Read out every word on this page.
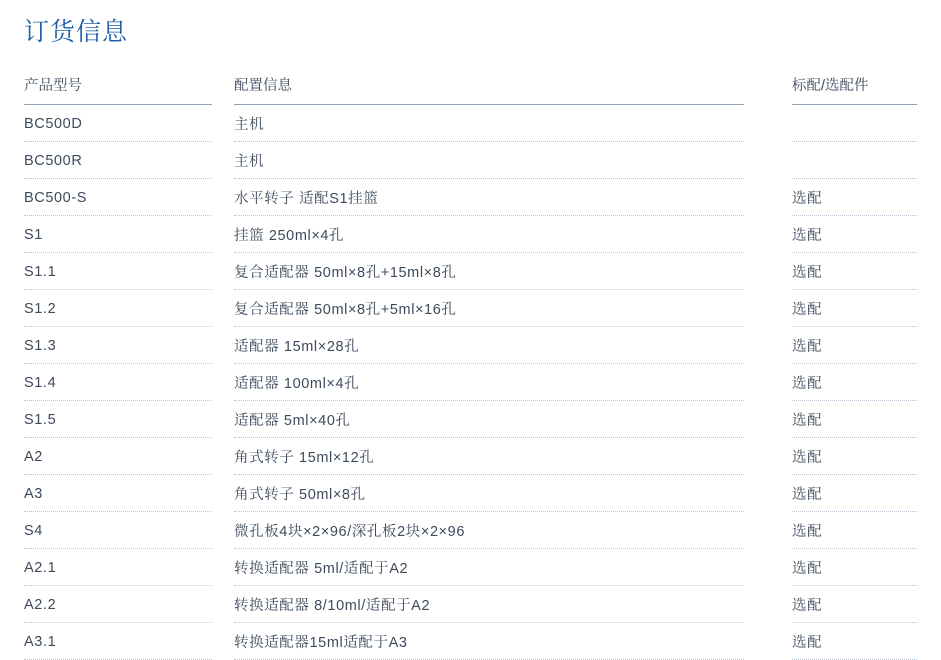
订货信息
产品型号		配置信息		标配/选配件
BC500D		主机		
BC500R		主机		
BC500-S		水平转子 适配S1挂篮		选配
S1		挂篮 250ml×4孔		选配
S1.1		复合适配器 50ml×8孔+15ml×8孔		选配
S1.2		复合适配器 50ml×8孔+5ml×16孔		选配
S1.3		适配器 15ml×28孔		选配
S1.4		适配器 100ml×4孔		选配
S1.5		适配器 5ml×40孔		选配
A2		角式转子 15ml×12孔		选配
A3		角式转子 50ml×8孔		选配
S4		微孔板4块×2×96/深孔板2块×2×96		选配
A2.1		转换适配器 5ml/适配于A2		选配
A2.2		转换适配器 8/10ml/适配于A2		选配
A3.1		转换适配器15ml适配于A3		选配
